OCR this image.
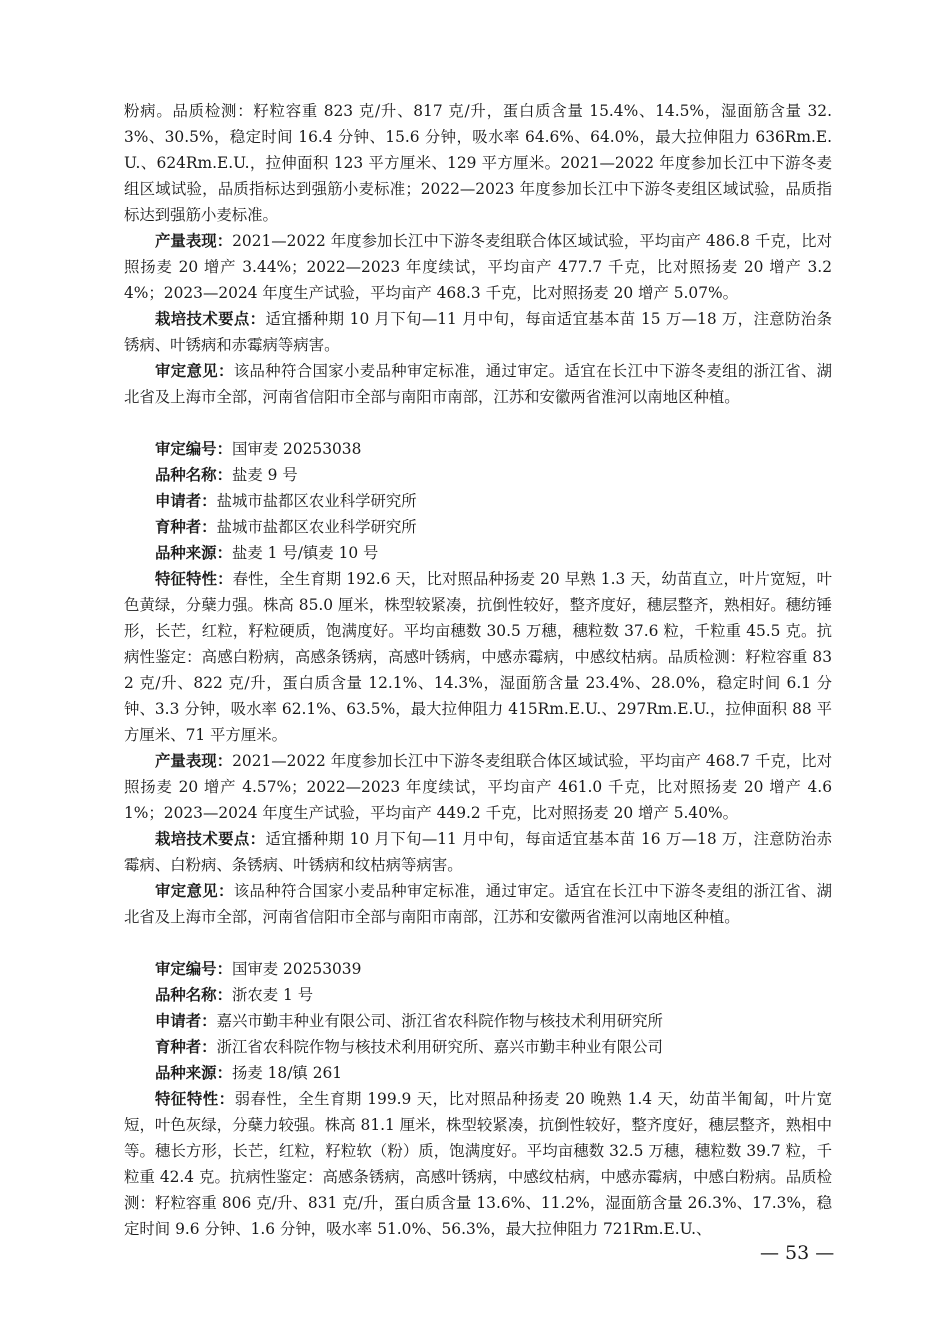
粉病。品质检测：籽粒容重 823 克/升、817 克/升，蛋白质含量 15.4%、14.5%，湿面筋含量 32.3%、30.5%，稳定时间 16.4 分钟、15.6 分钟，吸水率 64.6%、64.0%，最大拉伸阻力 636Rm.E.U.、624Rm.E.U.，拉伸面积 123 平方厘米、129 平方厘米。2021—2022 年度参加长江中下游冬麦组区域试验，品质指标达到强筋小麦标准；2022—2023 年度参加长江中下游冬麦组区域试验，品质指标达到强筋小麦标准。

产量表现：2021—2022 年度参加长江中下游冬麦组联合体区域试验，平均亩产 486.8 千克，比对照扬麦 20 增产 3.44%；2022—2023 年度续试，平均亩产 477.7 千克，比对照扬麦 20 增产 3.24%；2023—2024 年度生产试验，平均亩产 468.3 千克，比对照扬麦 20 增产 5.07%。

栽培技术要点：适宜播种期 10 月下旬—11 月中旬，每亩适宜基本苗 15 万—18 万，注意防治条锈病、叶锈病和赤霉病等病害。

审定意见：该品种符合国家小麦品种审定标准，通过审定。适宜在长江中下游冬麦组的浙江省、湖北省及上海市全部，河南省信阳市全部与南阳市南部，江苏和安徽两省淮河以南地区种植。

审定编号：国审麦 20253038
品种名称：盐麦 9 号
申请者：盐城市盐都区农业科学研究所
育种者：盐城市盐都区农业科学研究所
品种来源：盐麦 1 号/镇麦 10 号

特征特性：春性，全生育期 192.6 天，比对照品种扬麦 20 早熟 1.3 天，幼苗直立，叶片宽短，叶色黄绿，分蘖力强。株高 85.0 厘米，株型较紧凑，抗倒性较好，整齐度好，穗层整齐，熟相好。穗纺锤形，长芒，红粒，籽粒硬质，饱满度好。平均亩穗数 30.5 万穗，穗粒数 37.6 粒，千粒重 45.5 克。抗病性鉴定：高感白粉病，高感条锈病，高感叶锈病，中感赤霉病，中感纹枯病。品质检测：籽粒容重 832 克/升、822 克/升，蛋白质含量 12.1%、14.3%，湿面筋含量 23.4%、28.0%，稳定时间 6.1 分钟、3.3 分钟，吸水率 62.1%、63.5%，最大拉伸阻力 415Rm.E.U.、297Rm.E.U.，拉伸面积 88 平方厘米、71 平方厘米。

产量表现：2021—2022 年度参加长江中下游冬麦组联合体区域试验，平均亩产 468.7 千克，比对照扬麦 20 增产 4.57%；2022—2023 年度续试，平均亩产 461.0 千克，比对照扬麦 20 增产 4.61%；2023—2024 年度生产试验，平均亩产 449.2 千克，比对照扬麦 20 增产 5.40%。

栽培技术要点：适宜播种期 10 月下旬—11 月中旬，每亩适宜基本苗 16 万—18 万，注意防治赤霉病、白粉病、条锈病、叶锈病和纹枯病等病害。

审定意见：该品种符合国家小麦品种审定标准，通过审定。适宜在长江中下游冬麦组的浙江省、湖北省及上海市全部，河南省信阳市全部与南阳市南部，江苏和安徽两省淮河以南地区种植。

审定编号：国审麦 20253039
品种名称：浙农麦 1 号
申请者：嘉兴市勤丰种业有限公司、浙江省农科院作物与核技术利用研究所
育种者：浙江省农科院作物与核技术利用研究所、嘉兴市勤丰种业有限公司
品种来源：扬麦 18/镇 261

特征特性：弱春性，全生育期 199.9 天，比对照品种扬麦 20 晚熟 1.4 天，幼苗半匍匐，叶片宽短，叶色灰绿，分蘖力较强。株高 81.1 厘米，株型较紧凑，抗倒性较好，整齐度好，穗层整齐，熟相中等。穗长方形，长芒，红粒，籽粒软（粉）质，饱满度好。平均亩穗数 32.5 万穗，穗粒数 39.7 粒，千粒重 42.4 克。抗病性鉴定：高感条锈病，高感叶锈病，中感纹枯病，中感赤霉病，中感白粉病。品质检测：籽粒容重 806 克/升、831 克/升，蛋白质含量 13.6%、11.2%，湿面筋含量 26.3%、17.3%，稳定时间 9.6 分钟、1.6 分钟，吸水率 51.0%、56.3%，最大拉伸阻力 721Rm.E.U.、

— 53 —
